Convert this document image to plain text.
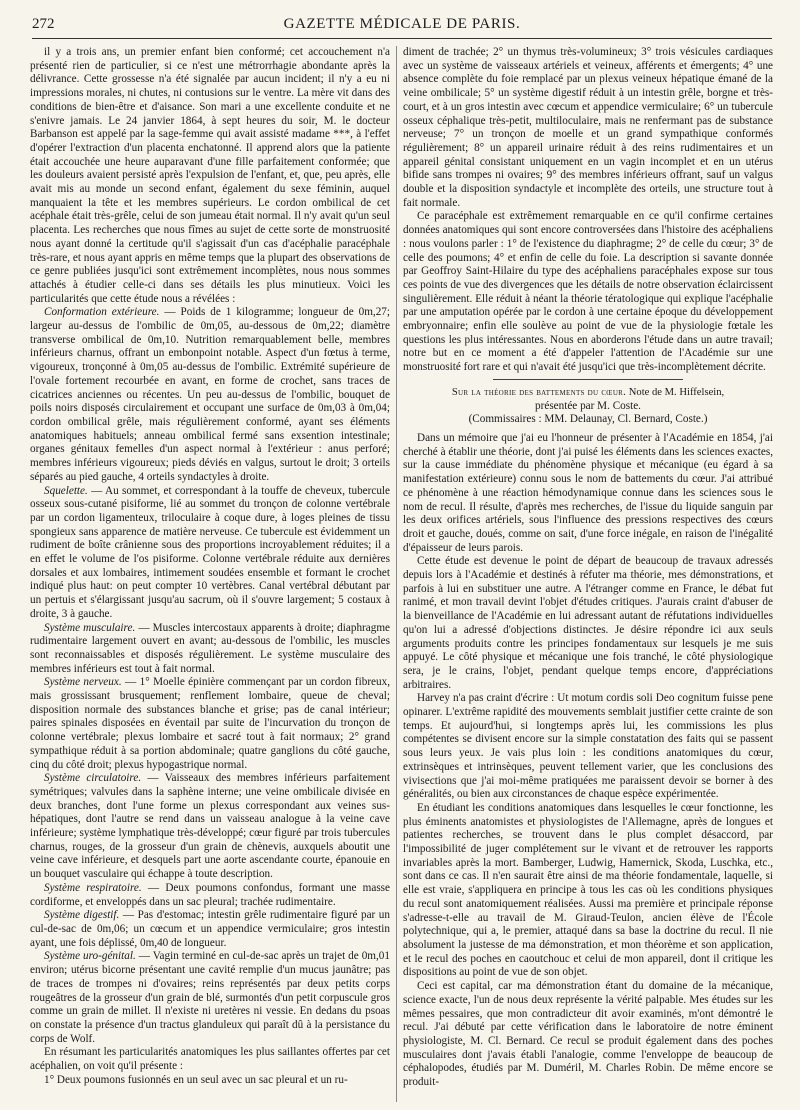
272	GAZETTE MÉDICALE DE PARIS.

il y a trois ans, un premier enfant bien conformé; cet accouchement n'a présenté rien de particulier, si ce n'est une métrorrhagie abondante après la délivrance. Cette grossesse n'a été signalée par aucun incident; il n'y a eu ni impressions morales, ni chutes, ni contusions sur le ventre. La mère vit dans des conditions de bien-être et d'aisance. Son mari a une excellente conduite et ne s'enivre jamais. Le 24 janvier 1864, à sept heures du soir, M. le docteur Barbanson est appelé par la sage-femme qui avait assisté madame ***, à l'effet d'opérer l'extraction d'un placenta enchatonné. Il apprend alors que la patiente était accouchée une heure auparavant d'une fille parfaitement conformée; que les douleurs avaient persisté après l'expulsion de l'enfant, et, que, peu après, elle avait mis au monde un second enfant, également du sexe féminin, auquel manquaient la tête et les membres supérieurs. Le cordon ombilical de cet acéphale était très-grêle, celui de son jumeau était normal. Il n'y avait qu'un seul placenta. Les recherches que nous fîmes au sujet de cette sorte de monstruosité nous ayant donné la certitude qu'il s'agissait d'un cas d'acéphalie paracéphale très-rare, et nous ayant appris en même temps que la plupart des observations de ce genre publiées jusqu'ici sont extrêmement incomplètes, nous nous sommes attachés à étudier celle-ci dans ses détails les plus minutieux. Voici les particularités que cette étude nous a révélées :

Conformation extérieure. — Poids de 1 kilogramme; longueur de 0m,27; largeur au-dessus de l'ombilic de 0m,05, au-dessous de 0m,22; diamètre transverse ombilical de 0m,10. Nutrition remarquablement belle, membres inférieurs charnus, offrant un embonpoint notable. Aspect d'un fœtus à terme, vigoureux, tronçonné à 0m,05 au-dessus de l'ombilic. Extrémité supérieure de l'ovale fortement recourbée en avant, en forme de crochet, sans traces de cicatrices anciennes ou récentes. Un peu au-dessus de l'ombilic, bouquet de poils noirs disposés circulairement et occupant une surface de 0m,03 à 0m,04; cordon ombilical grêle, mais régulièrement conformé, ayant ses éléments anatomiques habituels; anneau ombilical fermé sans exsention intestinale; organes génitaux femelles d'un aspect normal à l'extérieur : anus perforé; membres inférieurs vigoureux; pieds déviés en valgus, surtout le droit; 3 orteils séparés au pied gauche, 4 orteils syndactyles à droite.

Squelette. — Au sommet, et correspondant à la touffe de cheveux, tubercule osseux sous-cutané pisiforme, lié au sommet du tronçon de colonne vertébrale par un cordon ligamenteux, triloculaire à coque dure, à loges pleines de tissu spongieux sans apparence de matière nerveuse. Ce tubercule est évidemment un rudiment de boîte crânienne sous des proportions incroyablement réduites; il a en effet le volume de l'os pisiforme. Colonne vertébrale réduite aux dernières dorsales et aux lombaires, intimement soudées ensemble et formant le crochet indiqué plus haut: on peut compter 10 vertèbres. Canal vertébral débutant par un pertuis et s'élargissant jusqu'au sacrum, où il s'ouvre largement; 5 costaux à droite, 3 à gauche.

Système musculaire. — Muscles intercostaux apparents à droite; diaphragme rudimentaire largement ouvert en avant; au-dessous de l'ombilic, les muscles sont reconnaissables et disposés régulièrement. Le système musculaire des membres inférieurs est tout à fait normal.

Système nerveux. — 1° Moelle épinière commençant par un cordon fibreux, mais grossissant brusquement; renflement lombaire, queue de cheval; disposition normale des substances blanche et grise; pas de canal intérieur; paires spinales disposées en éventail par suite de l'incurvation du tronçon de colonne vertébrale; plexus lombaire et sacré tout à fait normaux; 2° grand sympathique réduit à sa portion abdominale; quatre ganglions du côté gauche, cinq du côté droit; plexus hypogastrique normal.

Système circulatoire. — Vaisseaux des membres inférieurs parfaitement symétriques; valvules dans la saphène interne; une veine ombilicale divisée en deux branches, dont l'une forme un plexus correspondant aux veines sus-hépatiques, dont l'autre se rend dans un vaisseau analogue à la veine cave inférieure; système lymphatique très-développé; cœur figuré par trois tubercules charnus, rouges, de la grosseur d'un grain de chènevis, auxquels aboutit une veine cave inférieure, et desquels part une aorte ascendante courte, épanouie en un bouquet vasculaire qui échappe à toute description.

Système respiratoire. — Deux poumons confondus, formant une masse cordiforme, et enveloppés dans un sac pleural; trachée rudimentaire.

Système digestif. — Pas d'estomac; intestin grêle rudimentaire figuré par un cul-de-sac de 0m,06; un cœcum et un appendice vermiculaire; gros intestin ayant, une fois déplissé, 0m,40 de longueur.

Système uro-génital. — Vagin terminé en cul-de-sac après un trajet de 0m,01 environ; utérus bicorne présentant une cavité remplie d'un mucus jaunâtre; pas de traces de trompes ni d'ovaires; reins représentés par deux petits corps rougeâtres de la grosseur d'un grain de blé, surmontés d'un petit corpuscule gros comme un grain de millet. Il n'existe ni uretères ni vessie. En dedans du psoas on constate la présence d'un tractus glanduleux qui paraît dû à la persistance du corps de Wolf.

En résumant les particularités anatomiques les plus saillantes offertes par cet acéphalien, on voit qu'il présente :

1° Deux poumons fusionnés en un seul avec un sac pleural et un ru-

diment de trachée; 2° un thymus très-volumineux; 3° trois vésicules cardiaques avec un système de vaisseaux artériels et veineux, afférents et émergents; 4° une absence complète du foie remplacé par un plexus veineux hépatique émané de la veine ombilicale; 5° un système digestif réduit à un intestin grêle, borgne et très-court, et à un gros intestin avec cœcum et appendice vermiculaire; 6° un tubercule osseux céphalique très-petit, multiloculaire, mais ne renfermant pas de substance nerveuse; 7° un tronçon de moelle et un grand sympathique conformés régulièrement; 8° un appareil urinaire réduit à des reins rudimentaires et un appareil génital consistant uniquement en un vagin incomplet et en un utérus bifide sans trompes ni ovaires; 9° des membres inférieurs offrant, sauf un valgus double et la disposition syndactyle et incomplète des orteils, une structure tout à fait normale.

Ce paracéphale est extrêmement remarquable en ce qu'il confirme certaines données anatomiques qui sont encore controversées dans l'histoire des acéphaliens : nous voulons parler : 1° de l'existence du diaphragme; 2° de celle du cœur; 3° de celle des poumons; 4° et enfin de celle du foie. La description si savante donnée par Geoffroy Saint-Hilaire du type des acéphaliens paracéphales expose sur tous ces points de vue des divergences que les détails de notre observation éclaircissent singulièrement. Elle réduit à néant la théorie tératologique qui explique l'acéphalie par une amputation opérée par le cordon à une certaine époque du développement embryonnaire; enfin elle soulève au point de vue de la physiologie fœtale les questions les plus intéressantes. Nous en aborderons l'étude dans un autre travail; notre but en ce moment a été d'appeler l'attention de l'Académie sur une monstruosité fort rare et qui n'avait été jusqu'ici que très-incomplètement décrite.

Sur la théorie des battements du cœur. Note de M. Hiffelsein,

présentée par M. Coste.

(Commissaires : MM. Delaunay, Cl. Bernard, Coste.)

Dans un mémoire que j'ai eu l'honneur de présenter à l'Académie en 1854, j'ai cherché à établir une théorie, dont j'ai puisé les éléments dans les sciences exactes, sur la cause immédiate du phénomène physique et mécanique (eu égard à sa manifestation extérieure) connu sous le nom de battements du cœur. J'ai attribué ce phénomène à une réaction hémodynamique connue dans les sciences sous le nom de recul. Il résulte, d'après mes recherches, de l'issue du liquide sanguin par les deux orifices artériels, sous l'influence des pressions respectives des cœurs droit et gauche, doués, comme on sait, d'une force inégale, en raison de l'inégalité d'épaisseur de leurs parois.

Cette étude est devenue le point de départ de beaucoup de travaux adressés depuis lors à l'Académie et destinés à réfuter ma théorie, mes démonstrations, et parfois à lui en substituer une autre. A l'étranger comme en France, le débat fut ranimé, et mon travail devint l'objet d'études critiques. J'aurais craint d'abuser de la bienveillance de l'Académie en lui adressant autant de réfutations individuelles qu'on lui a adressé d'objections distinctes. Je désire répondre ici aux seuls arguments produits contre les principes fondamentaux sur lesquels je me suis appuyé. Le côté physique et mécanique une fois tranché, le côté physiologique sera, je le crains, l'objet, pendant quelque temps encore, d'appréciations arbitraires.

Harvey n'a pas craint d'écrire : Ut motum cordis soli Deo cognitum fuisse pene opinarer. L'extrême rapidité des mouvements semblait justifier cette crainte de son temps. Et aujourd'hui, si longtemps après lui, les commissions les plus compétentes se divisent encore sur la simple constatation des faits qui se passent sous leurs yeux. Je vais plus loin : les conditions anatomiques du cœur, extrinsèques et intrinsèques, peuvent tellement varier, que les conclusions des vivisections que j'ai moi-même pratiquées me paraissent devoir se borner à des généralités, ou bien aux circonstances de chaque espèce expérimentée.

En étudiant les conditions anatomiques dans lesquelles le cœur fonctionne, les plus éminents anatomistes et physiologistes de l'Allemagne, après de longues et patientes recherches, se trouvent dans le plus complet désaccord, par l'impossibilité de juger complétement sur le vivant et de retrouver les rapports invariables après la mort. Bamberger, Ludwig, Hamernick, Skoda, Luschka, etc., sont dans ce cas. Il n'en saurait être ainsi de ma théorie fondamentale, laquelle, si elle est vraie, s'appliquera en principe à tous les cas où les conditions physiques du recul sont anatomiquement réalisées. Aussi ma première et principale réponse s'adresse-t-elle au travail de M. Giraud-Teulon, ancien élève de l'École polytechnique, qui a, le premier, attaqué dans sa base la doctrine du recul. Il nie absolument la justesse de ma démonstration, et mon théorème et son application, et le recul des poches en caoutchouc et celui de mon appareil, dont il critique les dispositions au point de vue de son objet.

Ceci est capital, car ma démonstration étant du domaine de la mécanique, science exacte, l'un de nous deux représente la vérité palpable. Mes études sur les mêmes pessaires, que mon contradicteur dit avoir examinés, m'ont démontré le recul. J'ai débuté par cette vérification dans le laboratoire de notre éminent physiologiste, M. Cl. Bernard. Ce recul se produit également dans des poches musculaires dont j'avais établi l'analogie, comme l'enveloppe de beaucoup de céphalopodes, étudiés par M. Duméril, M. Charles Robin. De même encore se produit-
